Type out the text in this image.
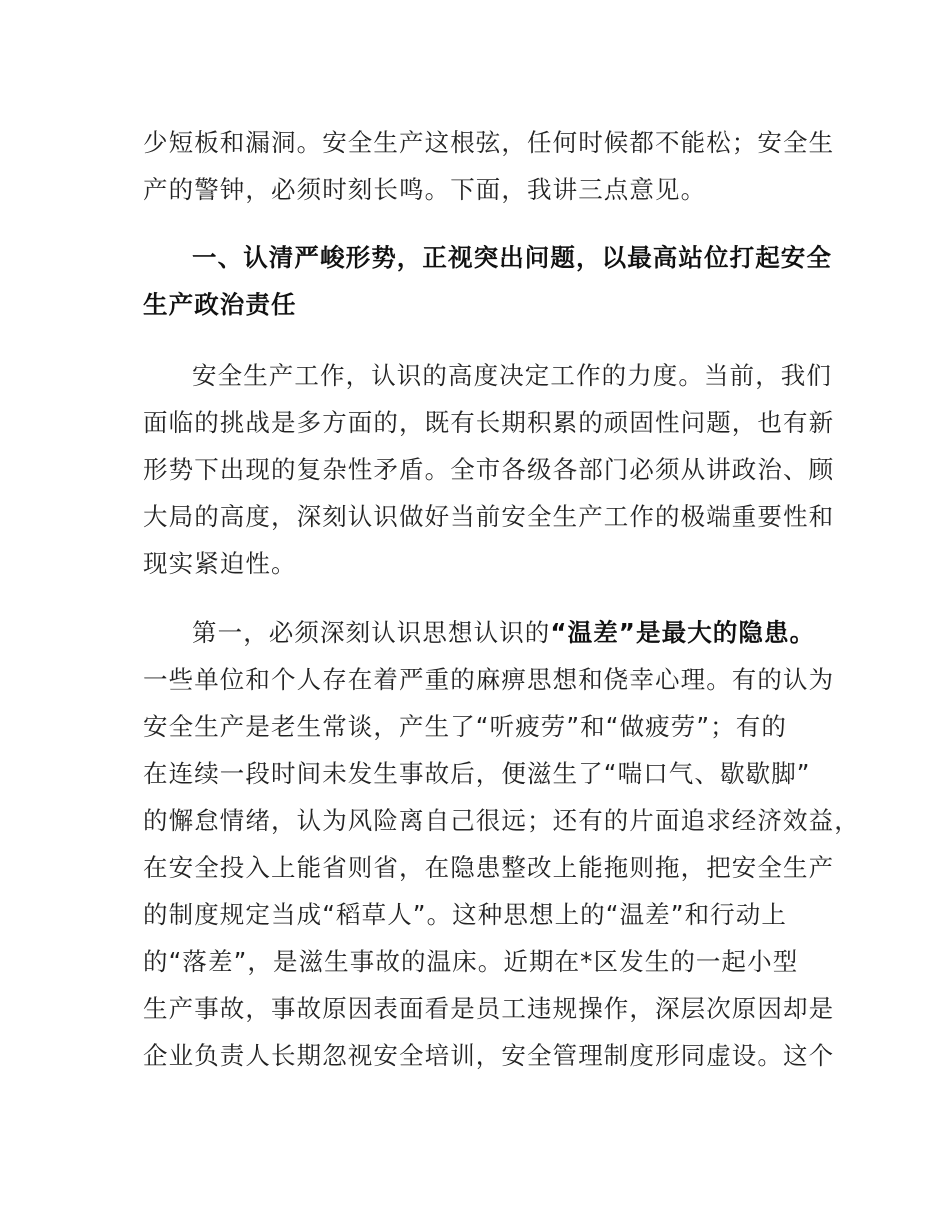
少短板和漏洞。安全生产这根弦，任何时候都不能松；安全生
产的警钟，必须时刻长鸣。下面，我讲三点意见。
一、认清严峻形势，正视突出问题，以最高站位打起安全
生产政治责任
安全生产工作，认识的高度决定工作的力度。当前，我们
面临的挑战是多方面的，既有长期积累的顽固性问题，也有新
形势下出现的复杂性矛盾。全市各级各部门必须从讲政治、顾
大局的高度，深刻认识做好当前安全生产工作的极端重要性和
现实紧迫性。
第一，必须深刻认识思想认识的“温差”是最大的隐患。
一些单位和个人存在着严重的麻痹思想和侥幸心理。有的认为
安全生产是老生常谈，产生了“听疲劳”和“做疲劳”；有的
在连续一段时间未发生事故后，便滋生了“喘口气、歇歇脚”
的懈怠情绪，认为风险离自己很远；还有的片面追求经济效益，
在安全投入上能省则省，在隐患整改上能拖则拖，把安全生产
的制度规定当成“稻草人”。这种思想上的“温差”和行动上
的“落差”，是滋生事故的温床。近期在*区发生的一起小型
生产事故，事故原因表面看是员工违规操作，深层次原因却是
企业负责人长期忽视安全培训，安全管理制度形同虚设。这个
